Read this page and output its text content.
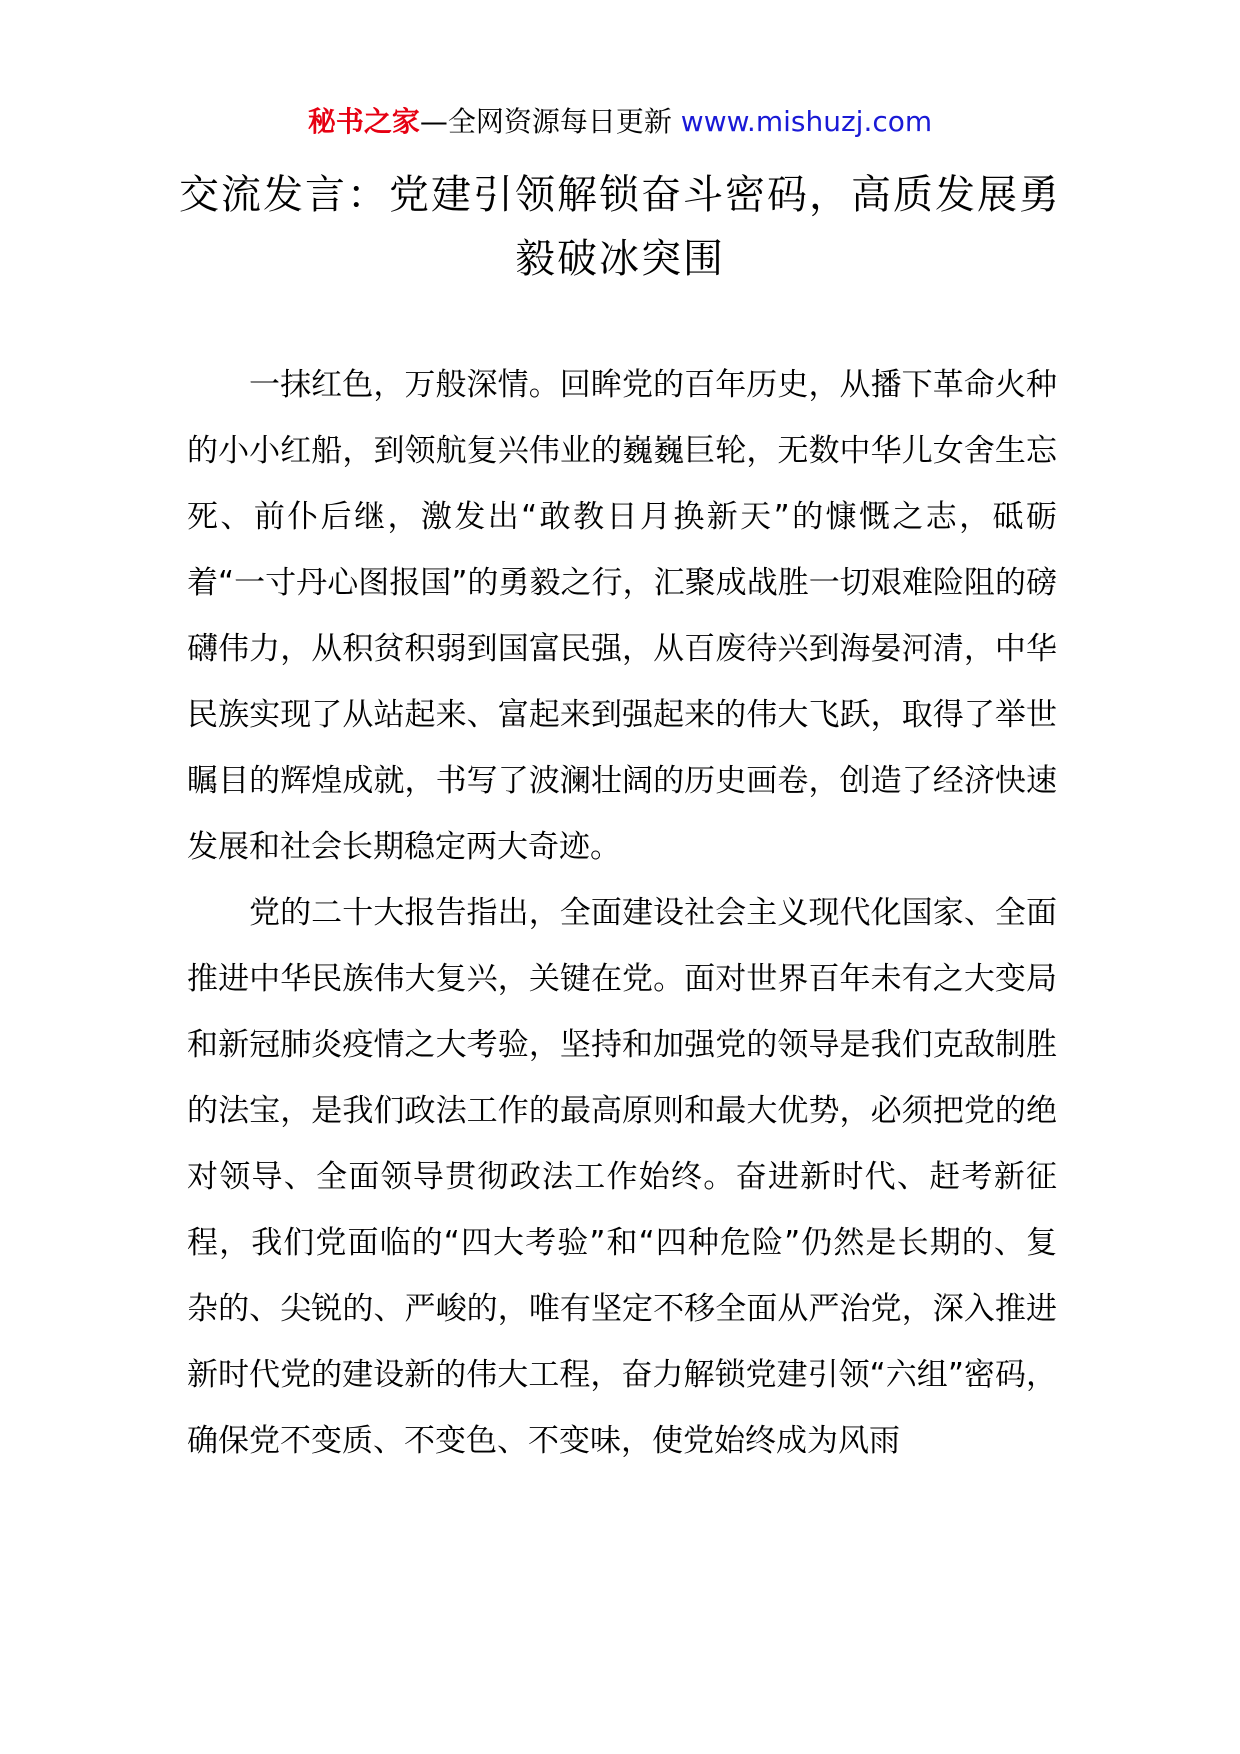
秘书之家—全网资源每日更新 www.mishuzj.com
交流发言：党建引领解锁奋斗密码，高质发展勇毅破冰突围

一抹红色，万般深情。回眸党的百年历史，从播下革命火种的小小红船，到领航复兴伟业的巍巍巨轮，无数中华儿女舍生忘死、前仆后继，激发出“敢教日月换新天”的慷慨之志，砥砺着“一寸丹心图报国”的勇毅之行，汇聚成战胜一切艰难险阻的磅礴伟力，从积贫积弱到国富民强，从百废待兴到海晏河清，中华民族实现了从站起来、富起来到强起来的伟大飞跃，取得了举世瞩目的辉煌成就，书写了波澜壮阔的历史画卷，创造了经济快速发展和社会长期稳定两大奇迹。

党的二十大报告指出，全面建设社会主义现代化国家、全面推进中华民族伟大复兴，关键在党。面对世界百年未有之大变局和新冠肺炎疫情之大考验，坚持和加强党的领导是我们克敌制胜的法宝，是我们政法工作的最高原则和最大优势，必须把党的绝对领导、全面领导贯彻政法工作始终。奋进新时代、赶考新征程，我们党面临的“四大考验”和“四种危险”仍然是长期的、复杂的、尖锐的、严峻的，唯有坚定不移全面从严治党，深入推进新时代党的建设新的伟大工程，奋力解锁党建引领“六组”密码，确保党不变质、不变色、不变味，使党始终成为风雨
